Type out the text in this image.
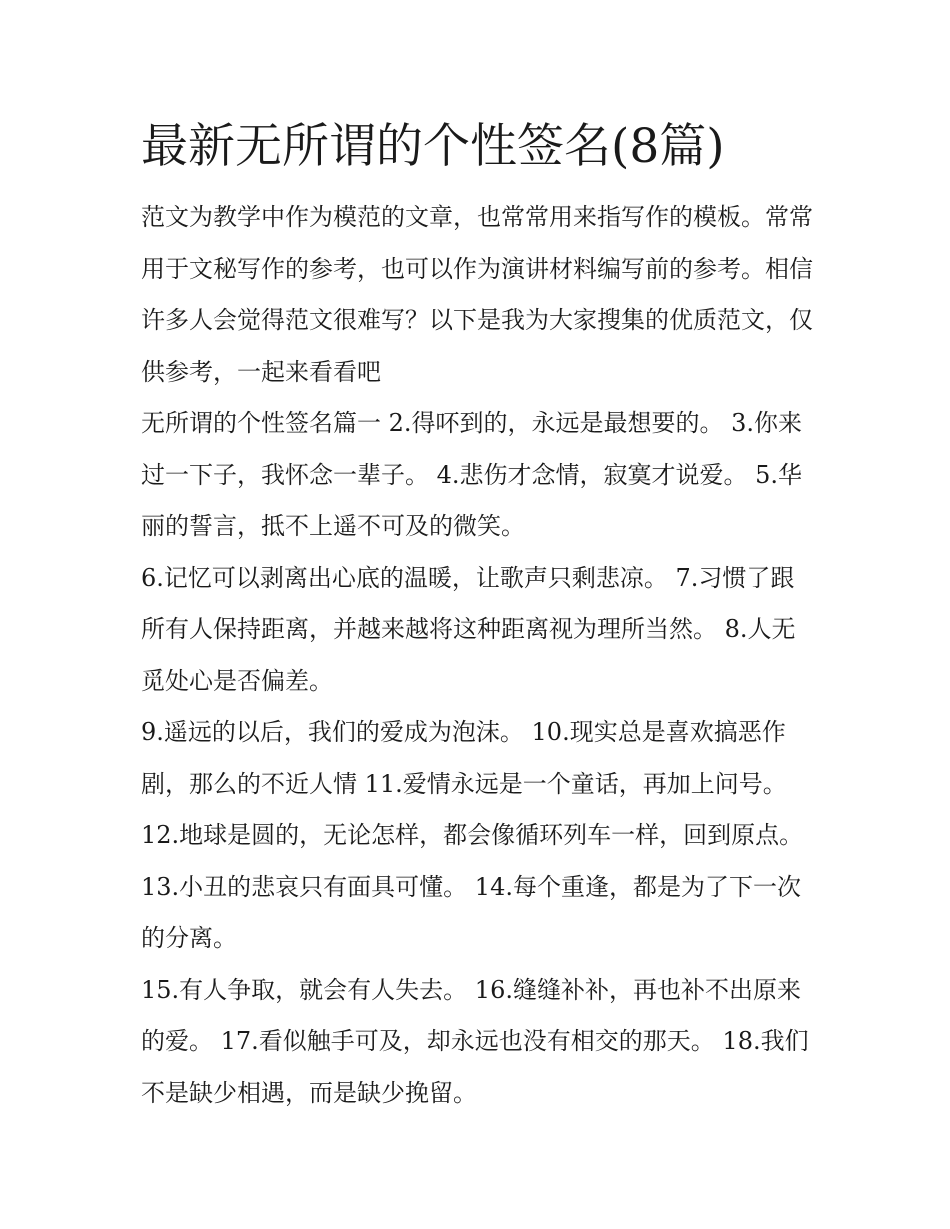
最新无所谓的个性签名(8篇)

范文为教学中作为模范的文章，也常常用来指写作的模板。常常用于文秘写作的参考，也可以作为演讲材料编写前的参考。相信许多人会觉得范文很难写？以下是我为大家搜集的优质范文，仅供参考，一起来看看吧

无所谓的个性签名篇一 2.得吥到的，永远是最想要的。 3.你来过一下子，我怀念一辈子。 4.悲伤才念情，寂寞才说爱。 5.华丽的誓言，抵不上遥不可及的微笑。

6.记忆可以剥离出心底的温暖，让歌声只剩悲凉。 7.习惯了跟所有人保持距离，并越来越将这种距离视为理所当然。 8.人无觅处心是否偏差。

9.遥远的以后，我们的爱成为泡沫。 10.现实总是喜欢搞恶作剧，那么的不近人情 11.爱情永远是一个童话，再加上问号。

12.地球是圆的，无论怎样，都会像循环列车一样，回到原点。 13.小丑的悲哀只有面具可懂。 14.每个重逢，都是为了下一次的分离。

15.有人争取，就会有人失去。 16.缝缝补补，再也补不出原来的爱。 17.看似触手可及，却永远也没有相交的那天。 18.我们不是缺少相遇，而是缺少挽留。
